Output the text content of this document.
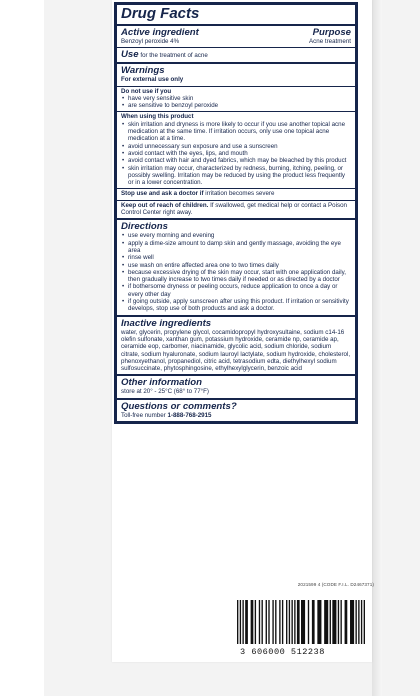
Drug Facts
Active ingredient	Purpose
Benzoyl peroxide 4%	Acne treatment
Use for the treatment of acne
Warnings
For external use only
Do not use if you
• have very sensitive skin
• are sensitive to benzoyl peroxide
When using this product
• skin irritation and dryness is more likely to occur if you use another topical acne medication at the same time. If irritation occurs, only use one topical acne medication at a time.
• avoid unnecessary sun exposure and use a sunscreen
• avoid contact with the eyes, lips, and mouth
• avoid contact with hair and dyed fabrics, which may be bleached by this product
• skin irritation may occur, characterized by redness, burning, itching, peeling, or possibly swelling. Irritation may be reduced by using the product less frequently or in a lower concentration.
Stop use and ask a doctor if irritation becomes severe
Keep out of reach of children. If swallowed, get medical help or contact a Poison Control Center right away.
Directions
• use every morning and evening
• apply a dime-size amount to damp skin and gently massage, avoiding the eye area
• rinse well
• use wash on entire affected area one to two times daily
• because excessive drying of the skin may occur, start with one application daily, then gradually increase to two times daily if needed or as directed by a doctor
• if bothersome dryness or peeling occurs, reduce application to once a day or every other day
• if going outside, apply sunscreen after using this product. If irritation or sensitivity develops, stop use of both products and ask a doctor.
Inactive ingredients

water, glycerin, propylene glycol, cocamidopropyl hydroxysultaine, sodium c14-16 olefin sulfonate, xanthan gum, potassium hydroxide, ceramide np, ceramide ap, ceramide eop, carbomer, niacinamide, glycolic acid, sodium chloride, sodium citrate, sodium hyaluronate, sodium lauroyl lactylate, sodium hydroxide, cholesterol, phenoxyethanol, propanediol, citric acid, tetrasodium edta, diethylhexyl sodium sulfosuccinate, phytosphingosine, ethylhexylglycerin, benzoic acid

Other information
store at 20° - 25°C (68° to 77°F)
Questions or comments?
Toll-free number 1-888-768-2915
2021599 4 (CODE F.I.L. D2467371)
3 606000 512238
